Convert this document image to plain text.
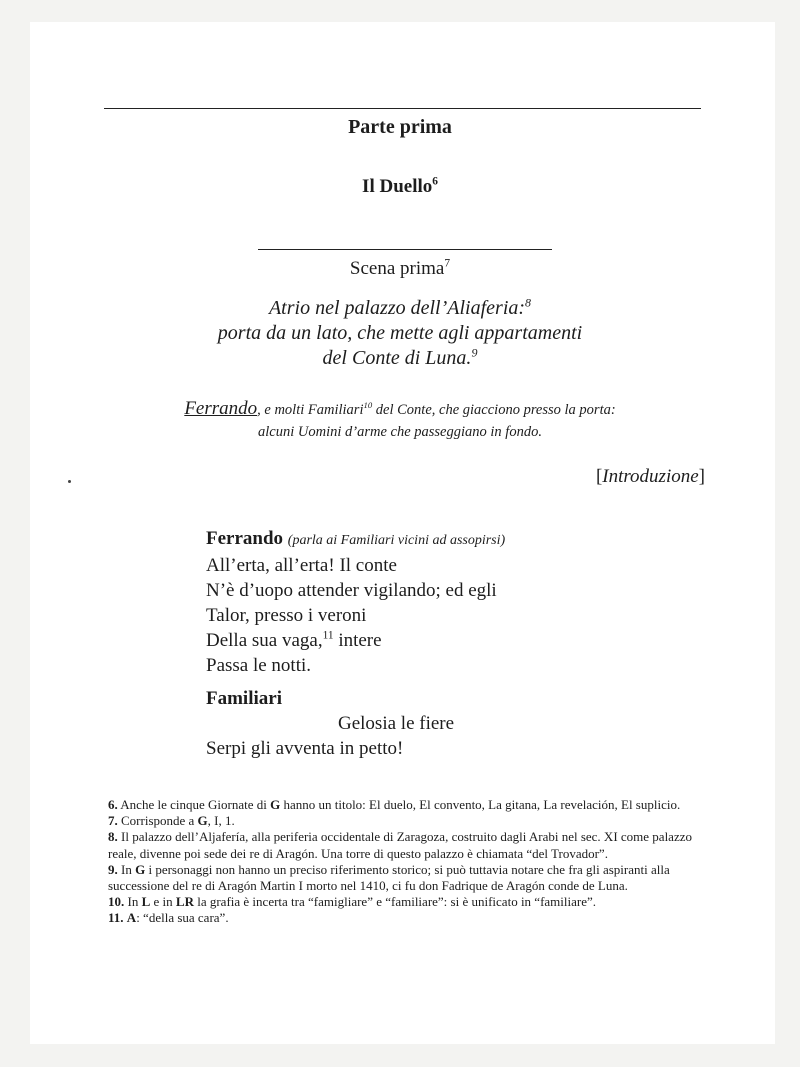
Parte prima
Il Duello$^6$
Scena prima$^7$
Atrio nel palazzo dell’Aliaferia:$^8$
porta da un lato, che mette agli appartamenti
del Conte di Luna.$^9$
Ferrando, e molti Familiari$^{10}$ del Conte, che giacciono presso la porta:
alcuni Uomini d’arme che passeggiano in fondo.
[Introduzione]
Ferrando (parla ai Familiari vicini ad assopirsi)
All’erta, all’erta! Il conte
N’è d’uopo attender vigilando; ed egli
Talor, presso i veroni
Della sua vaga,$^{11}$ intere
Passa le notti.
Familiari
Gelosia le fiere
Serpi gli avventa in petto!
6. Anche le cinque Giornate di G hanno un titolo: El duelo, El convento, La gitana, La revelación, El suplicio.
7. Corrisponde a G, I, 1.
8. Il palazzo dell’Aljafería, alla periferia occidentale di Zaragoza, costruito dagli Arabi nel sec. XI come palazzo reale, divenne poi sede dei re di Aragón. Una torre di questo palazzo è chiamata “del Trovador”.
9. In G i personaggi non hanno un preciso riferimento storico; si può tuttavia notare che fra gli aspiranti alla successione del re di Aragón Martin I morto nel 1410, ci fu don Fadrique de Aragón conde de Luna.
10. In L e in LR la grafia è incerta tra “famigliare” e “familiare”: si è unificato in “familiare”.
11. A: “della sua cara”.
